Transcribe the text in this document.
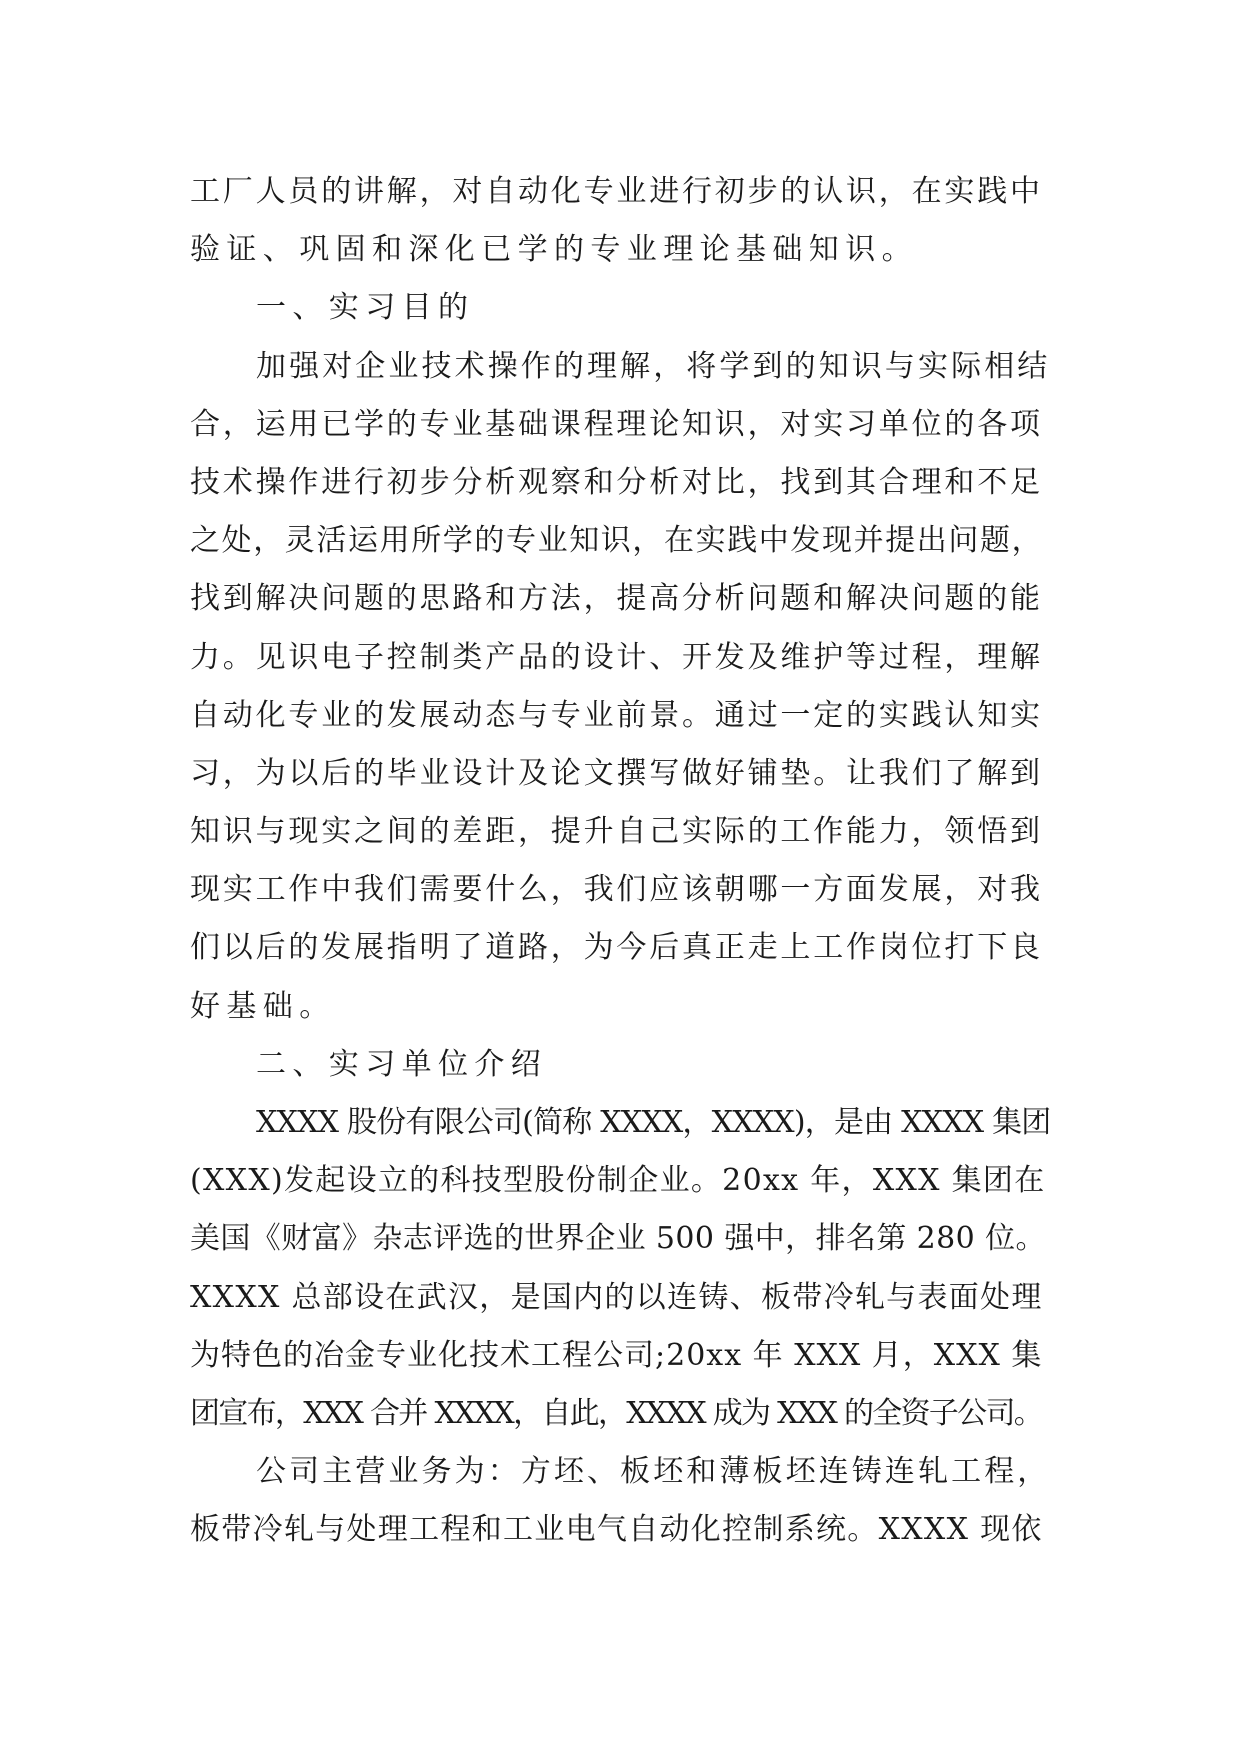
工厂人员的讲解，对自动化专业进行初步的认识，在实践中
验证、巩固和深化已学的专业理论基础知识。
一、实习目的
加强对企业技术操作的理解，将学到的知识与实际相结
合，运用已学的专业基础课程理论知识，对实习单位的各项
技术操作进行初步分析观察和分析对比，找到其合理和不足
之处，灵活运用所学的专业知识，在实践中发现并提出问题，
找到解决问题的思路和方法，提高分析问题和解决问题的能
力。见识电子控制类产品的设计、开发及维护等过程，理解
自动化专业的发展动态与专业前景。通过一定的实践认知实
习，为以后的毕业设计及论文撰写做好铺垫。让我们了解到
知识与现实之间的差距，提升自己实际的工作能力，领悟到
现实工作中我们需要什么，我们应该朝哪一方面发展，对我
们以后的发展指明了道路，为今后真正走上工作岗位打下良
好基础。
二、实习单位介绍
XXXX 股份有限公司(简称 XXXX，XXXX)，是由 XXXX 集团
(XXX)发起设立的科技型股份制企业。20xx 年，XXX 集团在
美国《财富》杂志评选的世界企业 500 强中，排名第 280 位。
XXXX 总部设在武汉，是国内的以连铸、板带冷轧与表面处理
为特色的冶金专业化技术工程公司;20xx 年 XXX 月，XXX 集
团宣布，XXX 合并 XXXX，自此，XXXX 成为 XXX 的全资子公司。
公司主营业务为：方坯、板坯和薄板坯连铸连轧工程，
板带冷轧与处理工程和工业电气自动化控制系统。XXXX 现依
